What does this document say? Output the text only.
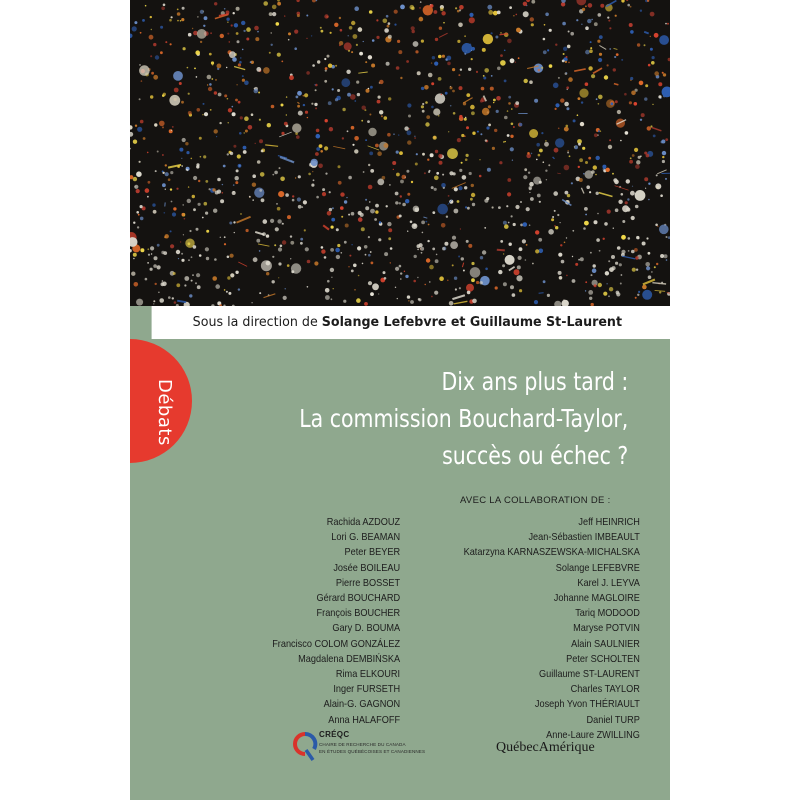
Sous la direction de Solange Lefebvre et Guillaume St-Laurent
Débats	Dix ans plus tard :
La commission Bouchard-Taylor,
succès ou échec ?
AVEC LA COLLABORATION DE :
Rachida AZDOUZ
Lori G. BEAMAN
Peter BEYER
Josée BOILEAU
Pierre BOSSET
Gérard BOUCHARD
François BOUCHER
Gary D. BOUMA
Francisco COLOM GONZÁLEZ
Magdalena DEMBIŃSKA
Rima ELKOURI
Inger FURSETH
Alain-G. GAGNON
Anna HALAFOFF
Jeff HEINRICH
Jean-Sébastien IMBEAULT
Katarzyna KARNASZEWSKA-MICHALSKA
Solange LEFEBVRE
Karel J. LEYVA
Johanne MAGLOIRE
Tariq MODOOD
Maryse POTVIN
Alain SAULNIER
Peter SCHOLTEN
Guillaume ST-LAURENT
Charles TAYLOR
Joseph Yvon THÉRIAULT
Daniel TURP
Anne-Laure ZWILLING
CRÉQC
CHAIRE DE RECHERCHE DU CANADA
EN ÉTUDES QUÉBÉCOISES ET CANADIENNES	QuébecAmérique
